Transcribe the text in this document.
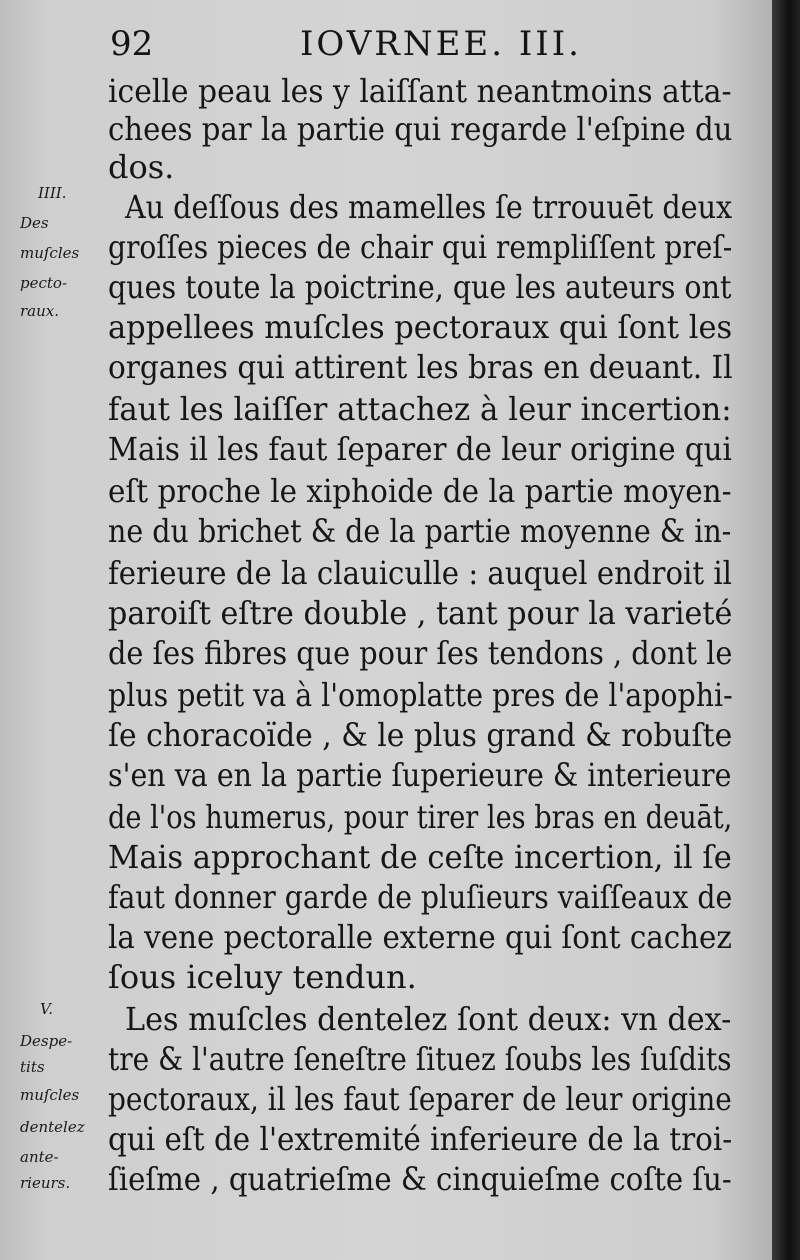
92	IOVRNEE. III.
icelle peau les y laiſſant neantmoins atta-
chees par la partie qui regarde l'eſpine du
dos.
Au deſſous des mamelles ſe trrouuēt deux
groſſes pieces de chair qui rempliſſent preſ-
ques toute la poictrine, que les auteurs ont
appellees muſcles pectoraux qui ſont les
organes qui attirent les bras en deuant. Il
faut les laiſſer attachez à leur incertion:
Mais il les faut ſeparer de leur origine qui
eſt proche le xiphoide de la partie moyen-
ne du brichet & de la partie moyenne & in-
ferieure de la clauiculle : auquel endroit il
paroiſt eſtre double , tant pour la varieté
de ſes fibres que pour ſes tendons , dont le
plus petit va à l'omoplatte pres de l'apophi-
ſe choracoïde , & le plus grand & robuſte
s'en va en la partie ſuperieure & interieure
de l'os humerus, pour tirer les bras en deuāt,
Mais approchant de ceſte incertion, il ſe
faut donner garde de pluſieurs vaiſſeaux de
la vene pectoralle externe qui ſont cachez
ſous iceluy tendun.
Les muſcles dentelez ſont deux: vn dex-
tre & l'autre ſeneſtre ſituez ſoubs les ſuſdits
pectoraux, il les faut ſeparer de leur origine
qui eſt de l'extremité inferieure de la troi-
ſieſme , quatrieſme & cinquieſme coſte ſu-
IIII.
Des
muſcles
pecto-
raux.
V.
Despe-
tits
muſcles
dentelez
ante-
rieurs.
